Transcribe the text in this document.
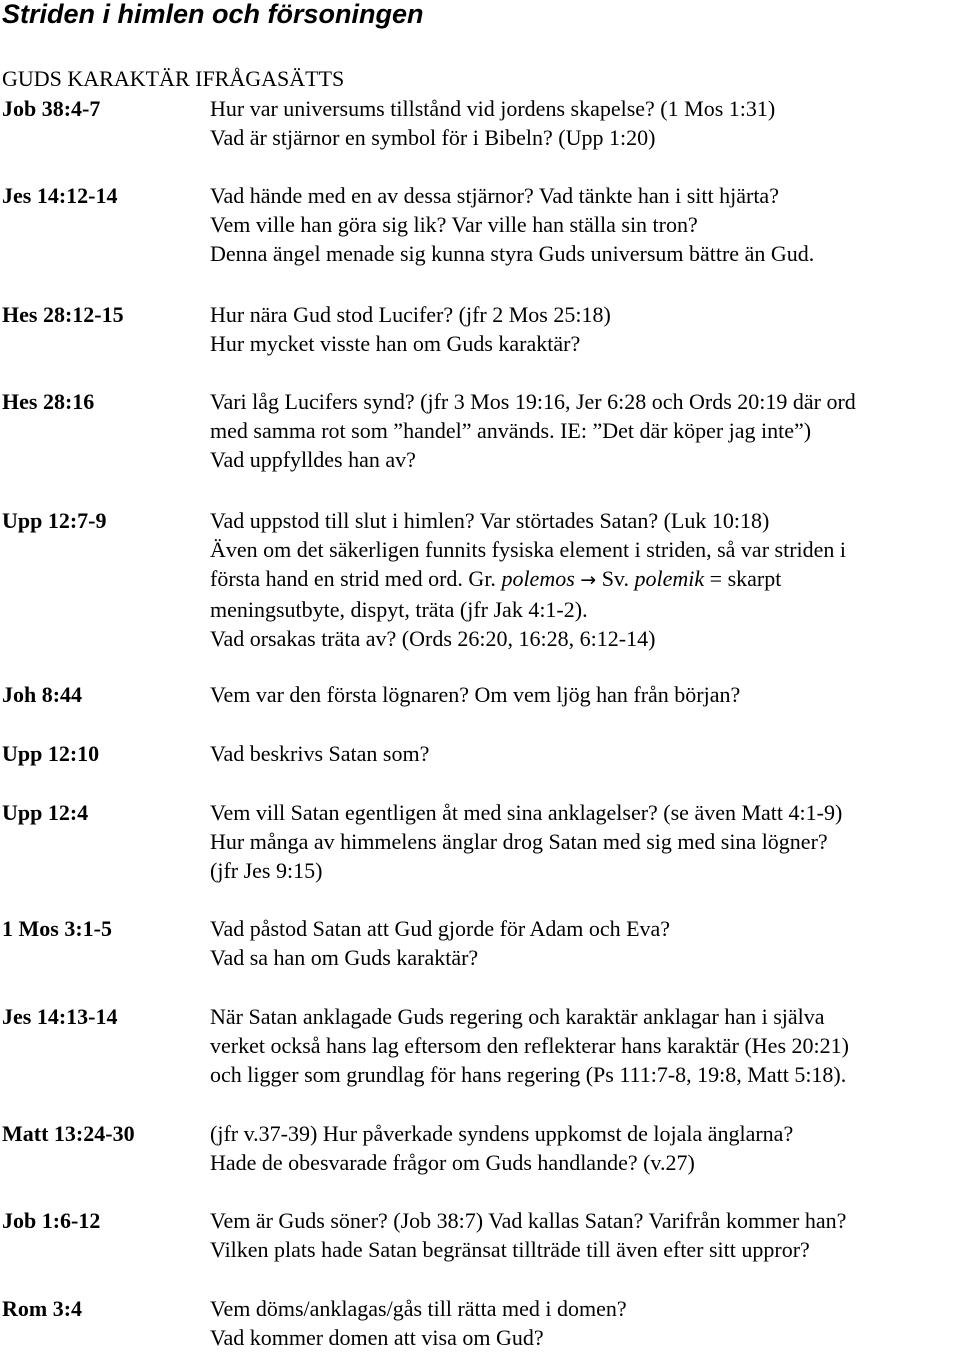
Striden i himlen och försoningen
GUDS KARAKTÄR IFRÅGASÄTTS
Job 38:4-7	Hur var universums tillstånd vid jordens skapelse? (1 Mos 1:31)
Vad är stjärnor en symbol för i Bibeln? (Upp 1:20)
Jes 14:12-14	Vad hände med en av dessa stjärnor? Vad tänkte han i sitt hjärta?
Vem ville han göra sig lik? Var ville han ställa sin tron?
Denna ängel menade sig kunna styra Guds universum bättre än Gud.
Hes 28:12-15	Hur nära Gud stod Lucifer? (jfr 2 Mos 25:18)
Hur mycket visste han om Guds karaktär?
Hes 28:16	Vari låg Lucifers synd? (jfr 3 Mos 19:16, Jer 6:28 och Ords 20:19 där ord
med samma rot som ”handel” används. IE: ”Det där köper jag inte”)
Vad uppfylldes han av?
Upp 12:7-9	Vad uppstod till slut i himlen? Var störtades Satan? (Luk 10:18)
Även om det säkerligen funnits fysiska element i striden, så var striden i
första hand en strid med ord. Gr. polemos → Sv. polemik = skarpt
meningsutbyte, dispyt, träta (jfr Jak 4:1-2).
Vad orsakas träta av? (Ords 26:20, 16:28, 6:12-14)
Joh 8:44	Vem var den första lögnaren? Om vem ljög han från början?
Upp 12:10	Vad beskrivs Satan som?
Upp 12:4	Vem vill Satan egentligen åt med sina anklagelser? (se även Matt 4:1-9)
Hur många av himmelens änglar drog Satan med sig med sina lögner?
(jfr Jes 9:15)
1 Mos 3:1-5	Vad påstod Satan att Gud gjorde för Adam och Eva?
Vad sa han om Guds karaktär?
Jes 14:13-14	När Satan anklagade Guds regering och karaktär anklagar han i själva
verket också hans lag eftersom den reflekterar hans karaktär (Hes 20:21)
och ligger som grundlag för hans regering (Ps 111:7-8, 19:8, Matt 5:18).
Matt 13:24-30	(jfr v.37-39) Hur påverkade syndens uppkomst de lojala änglarna?
Hade de obesvarade frågor om Guds handlande? (v.27)
Job 1:6-12	Vem är Guds söner? (Job 38:7) Vad kallas Satan? Varifrån kommer han?
Vilken plats hade Satan begränsat tillträde till även efter sitt uppror?
Rom 3:4	Vem döms/anklagas/gås till rätta med i domen?
Vad kommer domen att visa om Gud?
